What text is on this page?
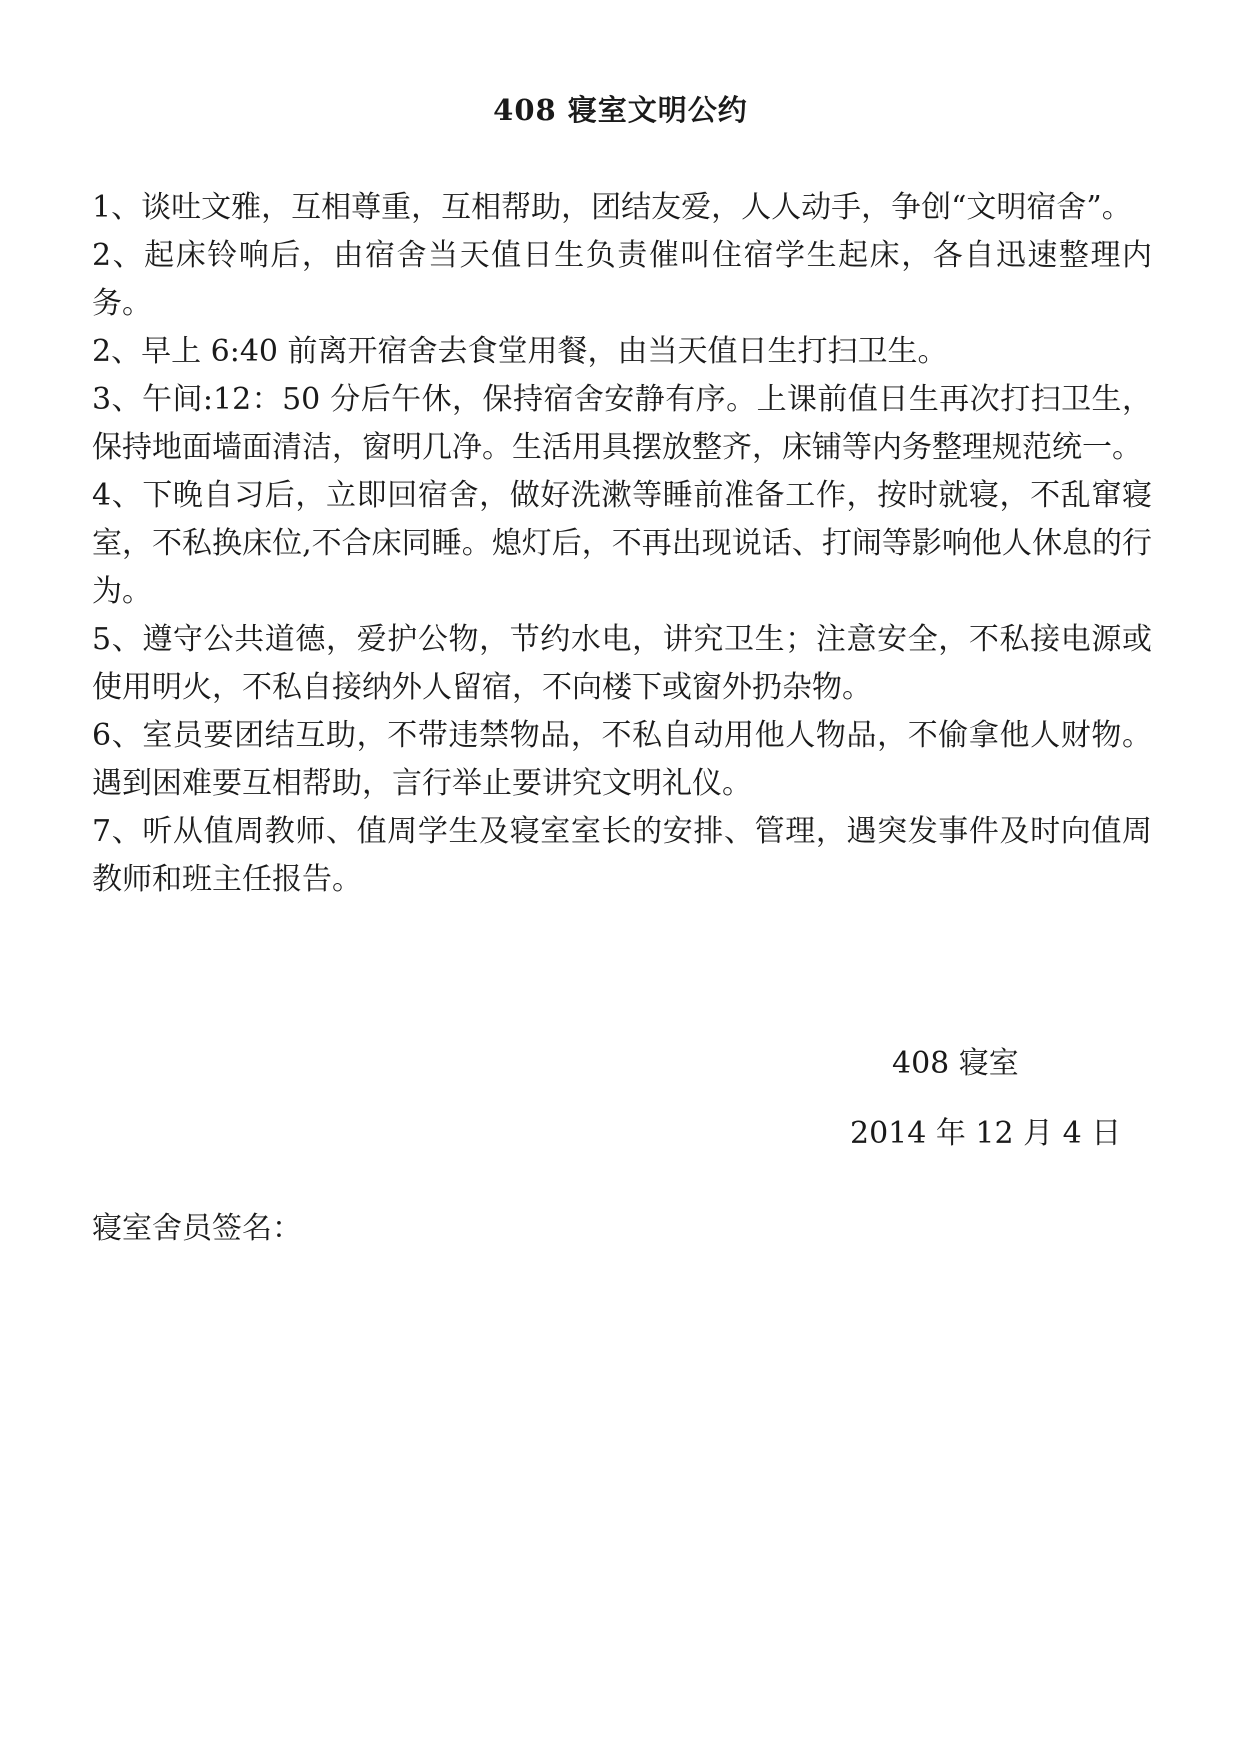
408 寝室文明公约

1、谈吐文雅，互相尊重，互相帮助，团结友爱，人人动手，争创“文明宿舍”。

2、起床铃响后，由宿舍当天值日生负责催叫住宿学生起床，各自迅速整理内务。

2、早上 6:40 前离开宿舍去食堂用餐，由当天值日生打扫卫生。

3、午间:12：50 分后午休，保持宿舍安静有序。上课前值日生再次打扫卫生，保持地面墙面清洁，窗明几净。生活用具摆放整齐，床铺等内务整理规范统一。

4、下晚自习后，立即回宿舍，做好洗漱等睡前准备工作，按时就寝，不乱窜寝室，不私换床位,不合床同睡。熄灯后，不再出现说话、打闹等影响他人休息的行为。

5、遵守公共道德，爱护公物，节约水电，讲究卫生；注意安全，不私接电源或使用明火，不私自接纳外人留宿，不向楼下或窗外扔杂物。

6、室员要团结互助，不带违禁物品，不私自动用他人物品，不偷拿他人财物。遇到困难要互相帮助，言行举止要讲究文明礼仪。

7、听从值周教师、值周学生及寝室室长的安排、管理，遇突发事件及时向值周教师和班主任报告。

408 寝室
2014 年 12 月 4 日
寝室舍员签名：
